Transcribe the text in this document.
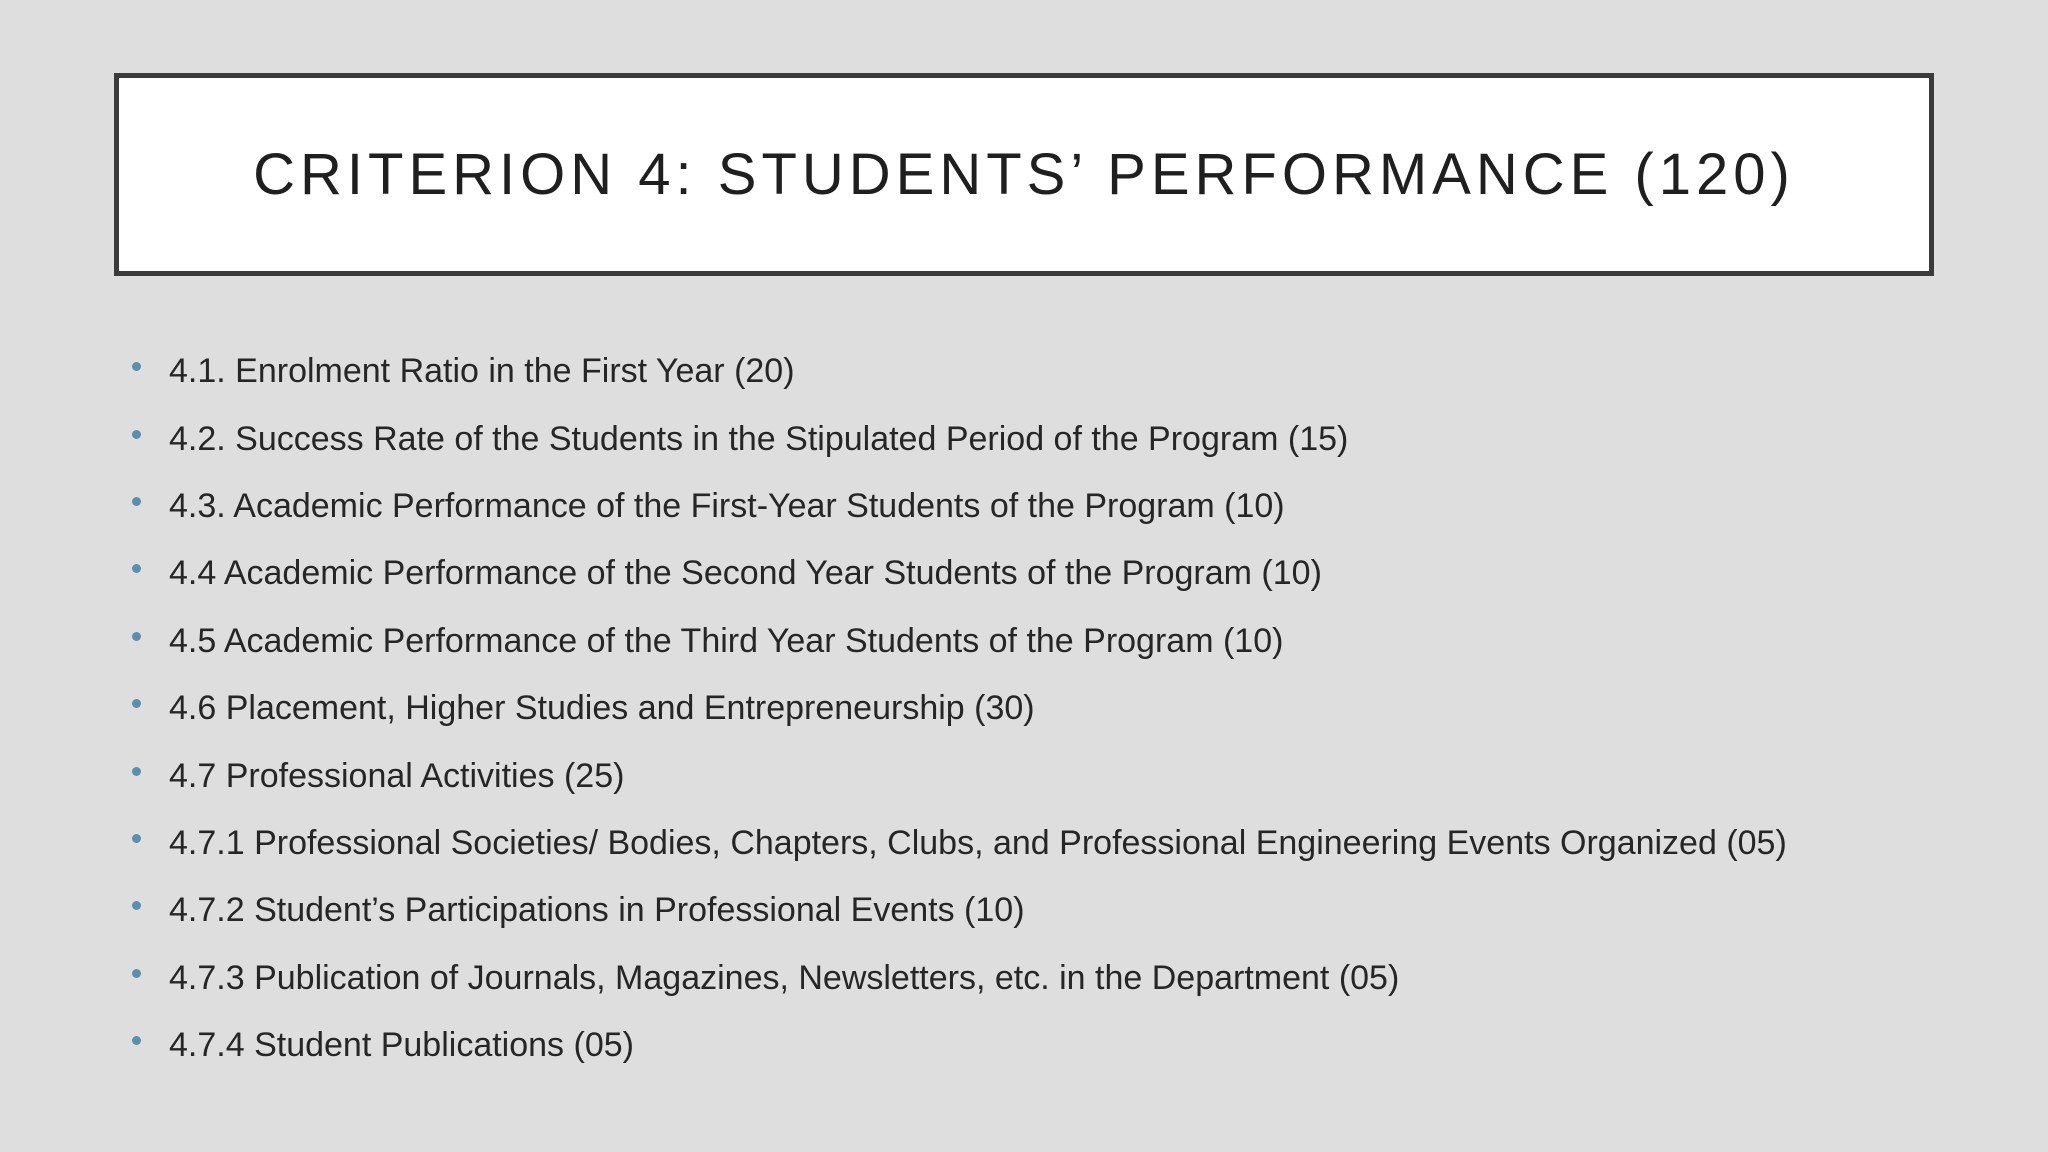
CRITERION 4: STUDENTS’ PERFORMANCE (120)
4.1. Enrolment Ratio in the First Year (20)
4.2. Success Rate of the Students in the Stipulated Period of the Program (15)
4.3. Academic Performance of the First-Year Students of the Program (10)
4.4 Academic Performance of the Second Year Students of the Program (10)
4.5 Academic Performance of the Third Year Students of the Program (10)
4.6 Placement, Higher Studies and Entrepreneurship (30)
4.7 Professional Activities (25)
4.7.1 Professional Societies/ Bodies, Chapters, Clubs, and Professional Engineering Events Organized (05)
4.7.2 Student’s Participations in Professional Events (10)
4.7.3 Publication of Journals, Magazines, Newsletters, etc. in the Department (05)
4.7.4 Student Publications (05)
